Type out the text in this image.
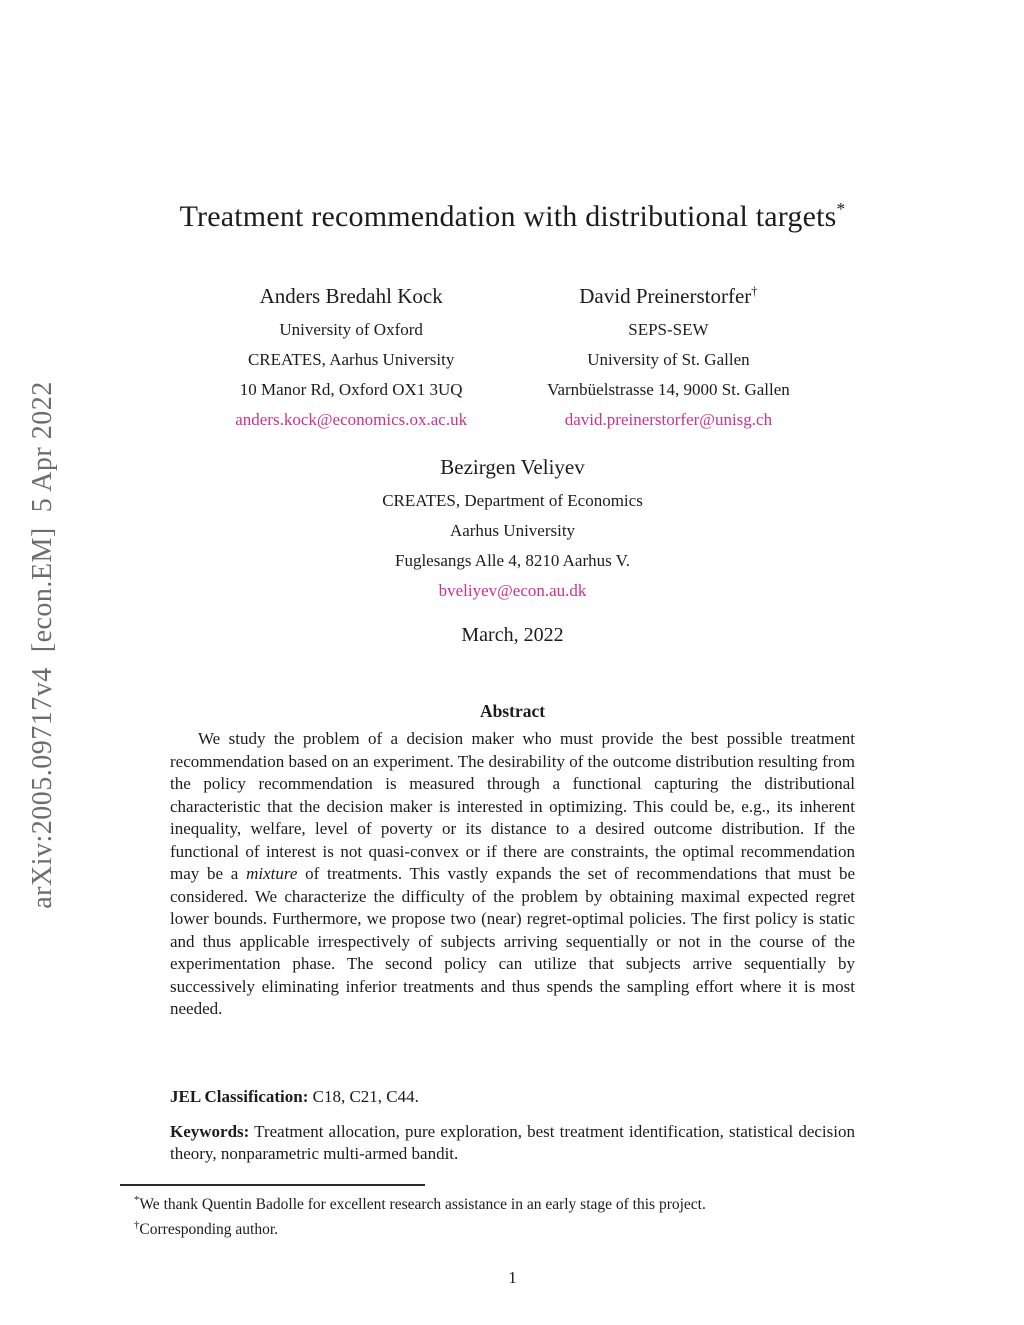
arXiv:2005.09717v4  [econ.EM]  5 Apr 2022
Treatment recommendation with distributional targets*
Anders Bredahl Kock
University of Oxford
CREATES, Aarhus University
10 Manor Rd, Oxford OX1 3UQ
anders.kock@economics.ox.ac.uk
David Preinerstorfer†
SEPS-SEW
University of St. Gallen
Varnbüelstrasse 14, 9000 St. Gallen
david.preinerstorfer@unisg.ch
Bezirgen Veliyev
CREATES, Department of Economics
Aarhus University
Fuglesangs Alle 4, 8210 Aarhus V.
bveliyev@econ.au.dk
March, 2022
Abstract

We study the problem of a decision maker who must provide the best possible treatment recommendation based on an experiment. The desirability of the outcome distribution resulting from the policy recommendation is measured through a functional capturing the distributional characteristic that the decision maker is interested in optimizing. This could be, e.g., its inherent inequality, welfare, level of poverty or its distance to a desired outcome distribution. If the functional of interest is not quasi-convex or if there are constraints, the optimal recommendation may be a mixture of treatments. This vastly expands the set of recommendations that must be considered. We characterize the difficulty of the problem by obtaining maximal expected regret lower bounds. Furthermore, we propose two (near) regret-optimal policies. The first policy is static and thus applicable irrespectively of subjects arriving sequentially or not in the course of the experimentation phase. The second policy can utilize that subjects arrive sequentially by successively eliminating inferior treatments and thus spends the sampling effort where it is most needed.

JEL Classification: C18, C21, C44.

Keywords: Treatment allocation, pure exploration, best treatment identification, statistical decision theory, nonparametric multi-armed bandit.

*We thank Quentin Badolle for excellent research assistance in an early stage of this project.

†Corresponding author.

1
